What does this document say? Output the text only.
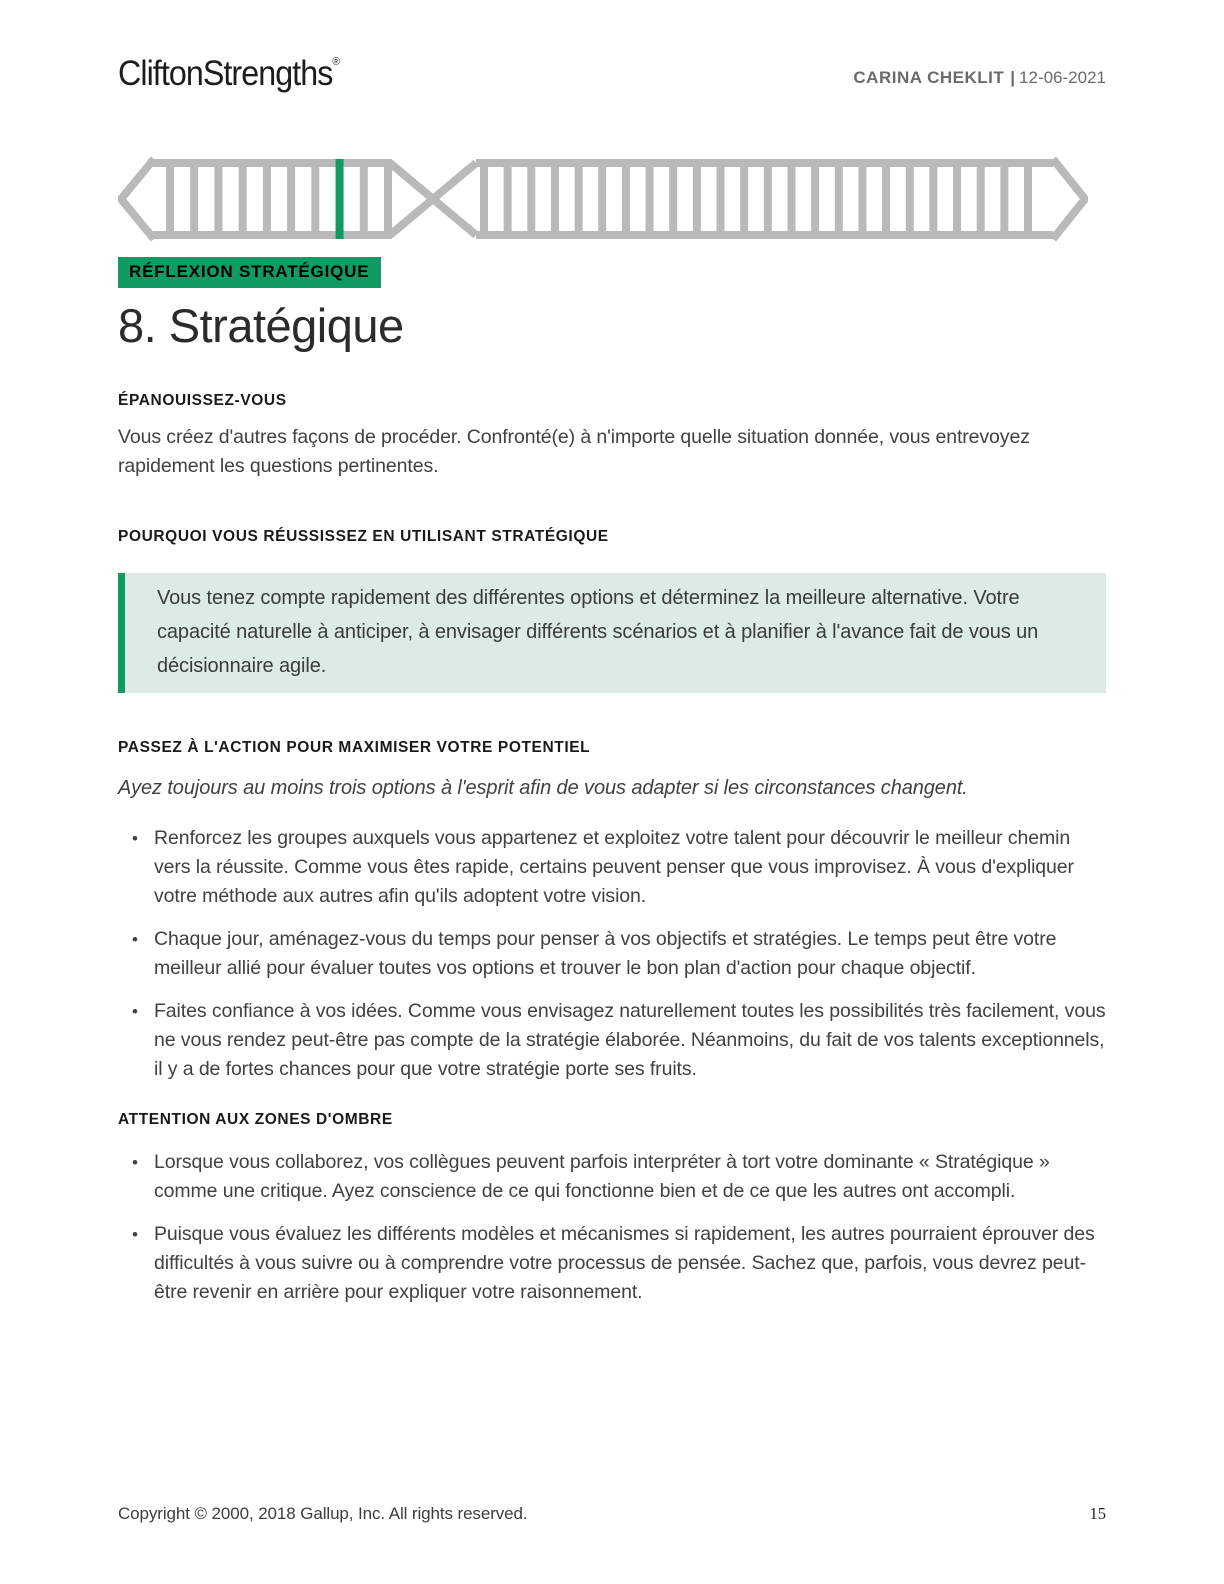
CliftonStrengths®
CARINA CHEKLIT | 12-06-2021
RÉFLEXION STRATÉGIQUE
8. Stratégique
ÉPANOUISSEZ-VOUS

Vous créez d'autres façons de procéder. Confronté(e) à n'importe quelle situation donnée, vous entrevoyez rapidement les questions pertinentes.

POURQUOI VOUS RÉUSSISSEZ EN UTILISANT STRATÉGIQUE
Vous tenez compte rapidement des différentes options et déterminez la meilleure alternative. Votre capacité naturelle à anticiper, à envisager différents scénarios et à planifier à l'avance fait de vous un décisionnaire agile.
PASSEZ À L'ACTION POUR MAXIMISER VOTRE POTENTIEL

Ayez toujours au moins trois options à l'esprit afin de vous adapter si les circonstances changent.

• Renforcez les groupes auxquels vous appartenez et exploitez votre talent pour découvrir le meilleur chemin vers la réussite. Comme vous êtes rapide, certains peuvent penser que vous improvisez. À vous d'expliquer votre méthode aux autres afin qu'ils adoptent votre vision.
• Chaque jour, aménagez-vous du temps pour penser à vos objectifs et stratégies. Le temps peut être votre meilleur allié pour évaluer toutes vos options et trouver le bon plan d'action pour chaque objectif.
• Faites confiance à vos idées. Comme vous envisagez naturellement toutes les possibilités très facilement, vous ne vous rendez peut-être pas compte de la stratégie élaborée. Néanmoins, du fait de vos talents exceptionnels, il y a de fortes chances pour que votre stratégie porte ses fruits.
ATTENTION AUX ZONES D'OMBRE
• Lorsque vous collaborez, vos collègues peuvent parfois interpréter à tort votre dominante « Stratégique » comme une critique. Ayez conscience de ce qui fonctionne bien et de ce que les autres ont accompli.
• Puisque vous évaluez les différents modèles et mécanismes si rapidement, les autres pourraient éprouver des difficultés à vous suivre ou à comprendre votre processus de pensée. Sachez que, parfois, vous devrez peut-être revenir en arrière pour expliquer votre raisonnement.
Copyright © 2000, 2018 Gallup, Inc. All rights reserved.	15
